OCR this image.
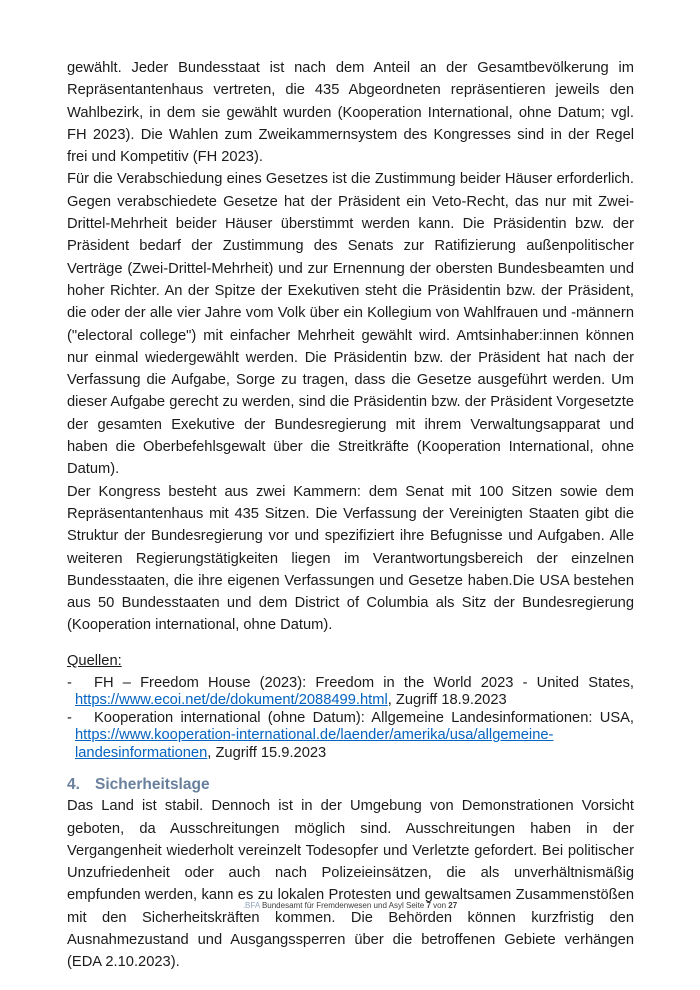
gewählt. Jeder Bundesstaat ist nach dem Anteil an der Gesamtbevölkerung im Repräsentantenhaus vertreten, die 435 Abgeordneten repräsentieren jeweils den Wahlbezirk, in dem sie gewählt wurden (Kooperation International, ohne Datum; vgl. FH 2023). Die Wahlen zum Zweikammernsystem des Kongresses sind in der Regel frei und Kompetitiv (FH 2023).

Für die Verabschiedung eines Gesetzes ist die Zustimmung beider Häuser erforderlich. Gegen verabschiedete Gesetze hat der Präsident ein Veto-Recht, das nur mit Zwei-Drittel-Mehrheit beider Häuser überstimmt werden kann. Die Präsidentin bzw. der Präsident bedarf der Zustimmung des Senats zur Ratifizierung außenpolitischer Verträge (Zwei-Drittel-Mehrheit) und zur Ernennung der obersten Bundesbeamten und hoher Richter. An der Spitze der Exekutiven steht die Präsidentin bzw. der Präsident, die oder der alle vier Jahre vom Volk über ein Kollegium von Wahlfrauen und -männern ("electoral college") mit einfacher Mehrheit gewählt wird. Amtsinhaber:innen können nur einmal wiedergewählt werden. Die Präsidentin bzw. der Präsident hat nach der Verfassung die Aufgabe, Sorge zu tragen, dass die Gesetze ausgeführt werden. Um dieser Aufgabe gerecht zu werden, sind die Präsidentin bzw. der Präsident Vorgesetzte der gesamten Exekutive der Bundesregierung mit ihrem Verwaltungsapparat und haben die Oberbefehlsgewalt über die Streitkräfte (Kooperation International, ohne Datum).

Der Kongress besteht aus zwei Kammern: dem Senat mit 100 Sitzen sowie dem Repräsentantenhaus mit 435 Sitzen. Die Verfassung der Vereinigten Staaten gibt die Struktur der Bundesregierung vor und spezifiziert ihre Befugnisse und Aufgaben. Alle weiteren Regierungstätigkeiten liegen im Verantwortungsbereich der einzelnen Bundesstaaten, die ihre eigenen Verfassungen und Gesetze haben.Die USA bestehen aus 50 Bundesstaaten und dem District of Columbia als Sitz der Bundesregierung (Kooperation international, ohne Datum).

Quellen:
-	FH – Freedom House (2023): Freedom in the World 2023 - United States, https://www.ecoi.net/de/dokument/2088499.html, Zugriff 18.9.2023
-	Kooperation international (ohne Datum): Allgemeine Landesinformationen: USA, https://www.kooperation-international.de/laender/amerika/usa/allgemeine-landesinformationen, Zugriff 15.9.2023
4. Sicherheitslage

Das Land ist stabil. Dennoch ist in der Umgebung von Demonstrationen Vorsicht geboten, da Ausschreitungen möglich sind. Ausschreitungen haben in der Vergangenheit wiederholt vereinzelt Todesopfer und Verletzte gefordert. Bei politischer Unzufriedenheit oder auch nach Polizeieinsätzen, die als unverhältnismäßig empfunden werden, kann es zu lokalen Protesten und gewaltsamen Zusammenstößen mit den Sicherheitskräften kommen. Die Behörden können kurzfristig den Ausnahmezustand und Ausgangssperren über die betroffenen Gebiete verhängen (EDA 2.10.2023).

.BFA Bundesamt für Fremdenwesen und Asyl Seite 7 von 27
